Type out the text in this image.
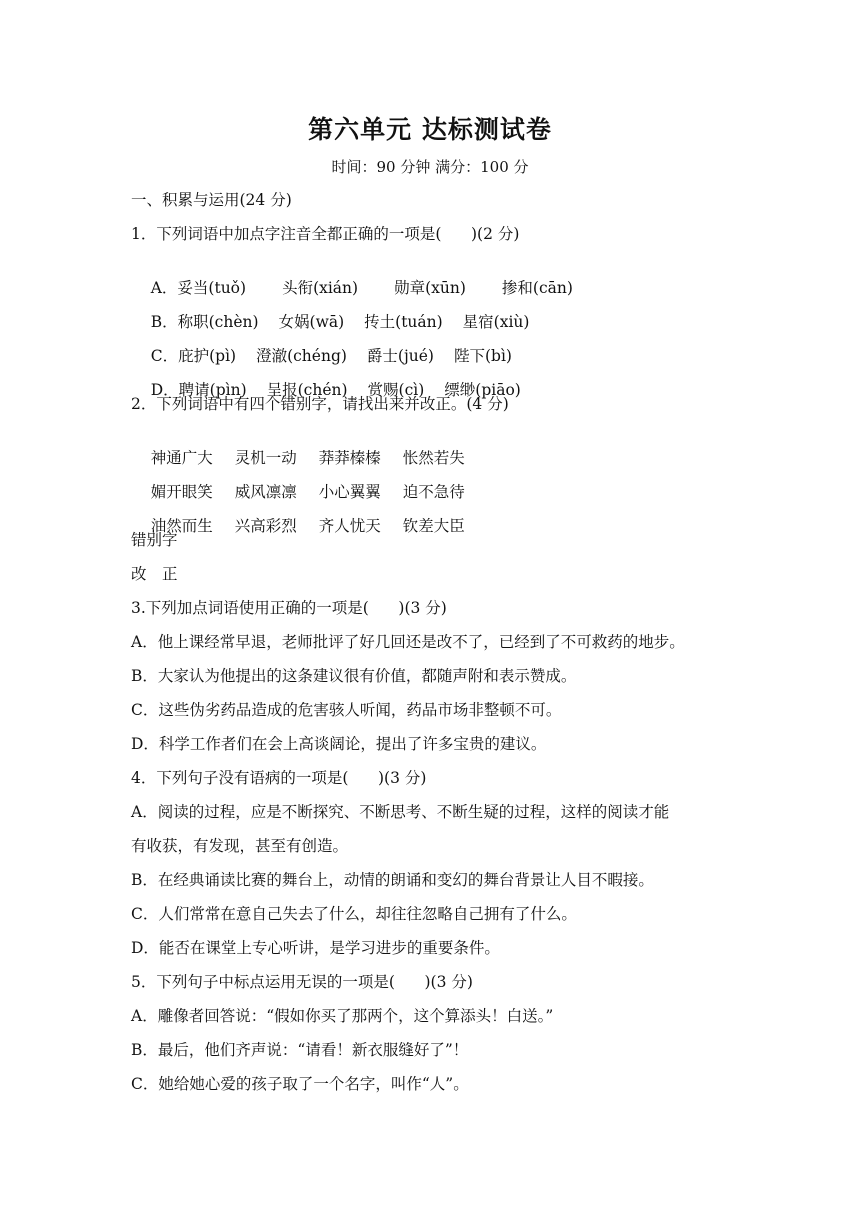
第六单元 达标测试卷
时间：90 分钟 满分：100 分
一、积累与运用(24 分)
1．下列词语中加点字注音全都正确的一项是(      )(2 分)

A．妥当(tuǒ) 头衔(xián) 勋章(xūn) 掺和(cān)

B．称职(chèn) 女娲(wā) 抟土(tuán) 星宿(xiù)

C．庇护(pì) 澄澈(chéng) 爵士(jué) 陛下(bì)

D．聘请(pìn) 呈报(chén) 赏赐(cì) 缥缈(piāo)

2．下列词语中有四个错别字，请找出来并改正。(4 分)

神通广大 灵机一动 莽莽榛榛 怅然若失

媚开眼笑 威风凛凛 小心翼翼 迫不急待

油然而生 兴高彩烈 齐人忧天 钦差大臣

错别字
改　正
3.下列加点词语使用正确的一项是(      )(3 分)
A．他上课经常早退，老师批评了好几回还是改不了，已经到了不可救药的地步。
B．大家认为他提出的这条建议很有价值，都随声附和表示赞成。
C．这些伪劣药品造成的危害骇人听闻，药品市场非整顿不可。
D．科学工作者们在会上高谈阔论，提出了许多宝贵的建议。
4．下列句子没有语病的一项是(      )(3 分)
A．阅读的过程，应是不断探究、不断思考、不断生疑的过程，这样的阅读才能
有收获，有发现，甚至有创造。
B．在经典诵读比赛的舞台上，动情的朗诵和变幻的舞台背景让人目不暇接。
C．人们常常在意自己失去了什么，却往往忽略自己拥有了什么。
D．能否在课堂上专心听讲，是学习进步的重要条件。
5．下列句子中标点运用无误的一项是(      )(3 分)
A．雕像者回答说：“假如你买了那两个，这个算添头！白送。”
B．最后，他们齐声说：“请看！新衣服缝好了”！
C．她给她心爱的孩子取了一个名字，叫作“人”。
